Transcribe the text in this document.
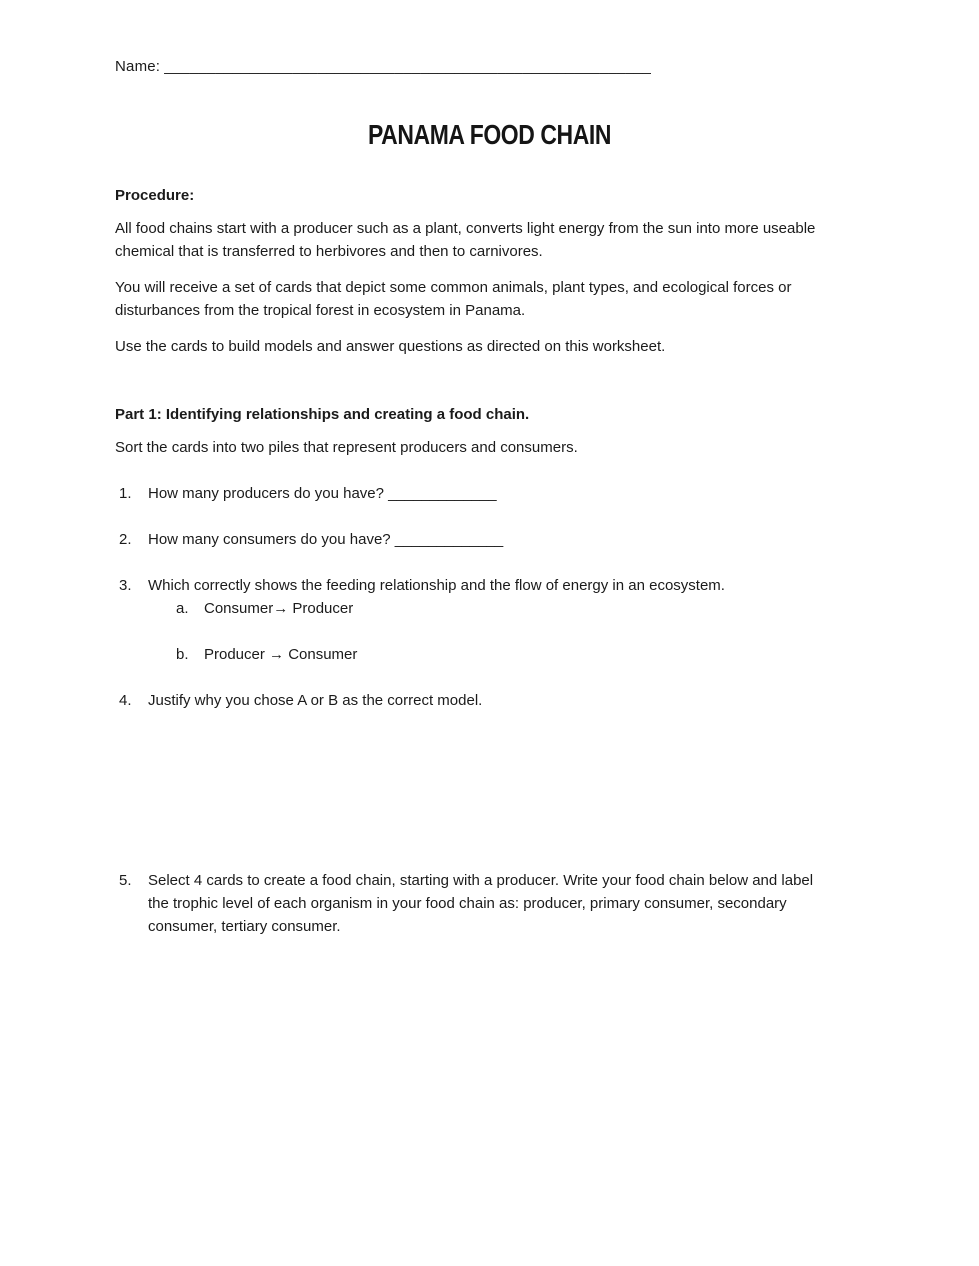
Name: _________________________________________________________
PANAMA FOOD CHAIN
Procedure:

All food chains start with a producer such as a plant, converts light energy from the sun into more useable chemical that is transferred to herbivores and then to carnivores.

You will receive a set of cards that depict some common animals, plant types, and ecological forces or disturbances from the tropical forest in ecosystem in Panama.

Use the cards to build models and answer questions as directed on this worksheet.

Part 1: Identifying relationships and creating a food chain.

Sort the cards into two piles that represent producers and consumers.

1.	How many producers do you have? _____________
2.	How many consumers do you have? _____________
3.	Which correctly shows the feeding relationship and the flow of energy in an ecosystem.
a.	Consumer→ Producer
b.	Producer → Consumer
4.	Justify why you chose A or B as the correct model.
5.	Select 4 cards to create a food chain, starting with a producer. Write your food chain below and label the trophic level of each organism in your food chain as: producer, primary consumer, secondary consumer, tertiary consumer.
